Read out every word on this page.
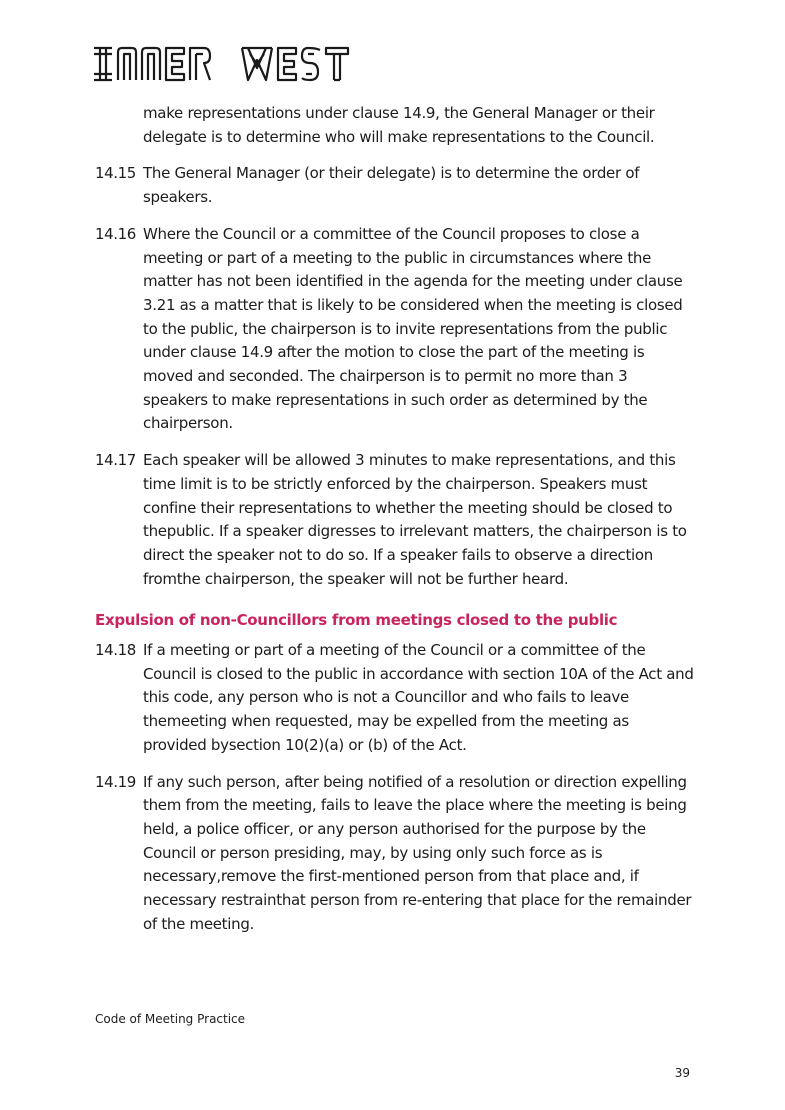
make representations under clause 14.9, the General Manager or their delegate is to determine who will make representations to the Council.
14.15 The General Manager (or their delegate) is to determine the order of speakers.
14.16 Where the Council or a committee of the Council proposes to close a meeting or part of a meeting to the public in circumstances where the matter has not been identified in the agenda for the meeting under clause 3.21 as a matter that is likely to be considered when the meeting is closed to the public, the chairperson is to invite representations from the public under clause 14.9 after the motion to close the part of the meeting is moved and seconded. The chairperson is to permit no more than 3 speakers to make representations in such order as determined by the chairperson.
14.17 Each speaker will be allowed 3 minutes to make representations, and this time limit is to be strictly enforced by the chairperson. Speakers must confine their representations to whether the meeting should be closed to thepublic. If a speaker digresses to irrelevant matters, the chairperson is to direct the speaker not to do so. If a speaker fails to observe a direction fromthe chairperson, the speaker will not be further heard.
Expulsion of non-Councillors from meetings closed to the public
14.18 If a meeting or part of a meeting of the Council or a committee of the Council is closed to the public in accordance with section 10A of the Act and this code, any person who is not a Councillor and who fails to leave themeeting when requested, may be expelled from the meeting as provided bysection 10(2)(a) or (b) of the Act.
14.19 If any such person, after being notified of a resolution or direction expelling them from the meeting, fails to leave the place where the meeting is being held, a police officer, or any person authorised for the purpose by the Council or person presiding, may, by using only such force as is necessary,remove the first-mentioned person from that place and, if necessary restrainthat person from re-entering that place for the remainder of the meeting.
Code of Meeting Practice
39
